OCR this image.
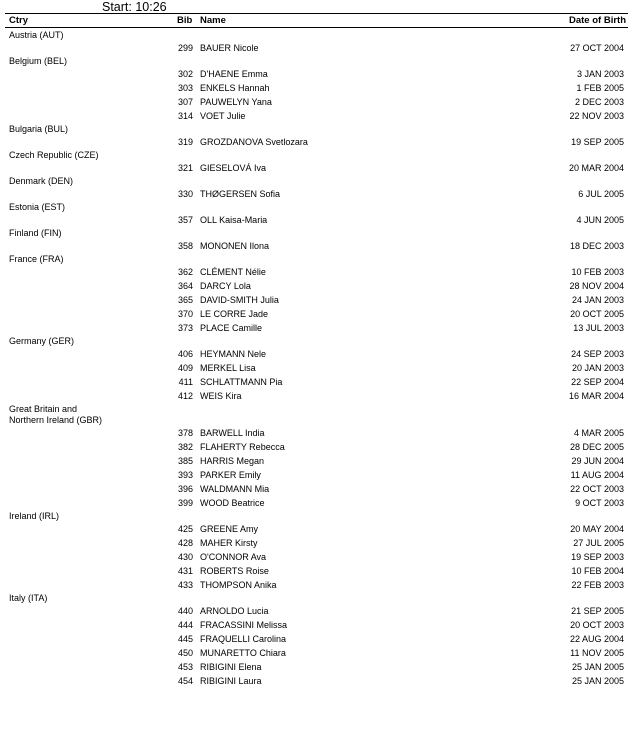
Start: 10:26
Ctry	Bib Name	Date of Birth
Austria (AUT)
299 BAUER Nicole	27 OCT 2004
Belgium (BEL)
302 D'HAENE Emma	3 JAN 2003
303 ENKELS Hannah	1 FEB 2005
307 PAUWELYN Yana	2 DEC 2003
314 VOET Julie	22 NOV 2003
Bulgaria (BUL)
319 GROZDANOVA Svetlozara	19 SEP 2005
Czech Republic (CZE)
321 GIESELOVÁ Iva	20 MAR 2004
Denmark (DEN)
330 THØGERSEN Sofia	6 JUL 2005
Estonia (EST)
357 OLL Kaisa-Maria	4 JUN 2005
Finland (FIN)
358 MONONEN Ilona	18 DEC 2003
France (FRA)
362 CLÉMENT Nélie	10 FEB 2003
364 DARCY Lola	28 NOV 2004
365 DAVID-SMITH Julia	24 JAN 2003
370 LE CORRE Jade	20 OCT 2005
373 PLACE Camille	13 JUL 2003
Germany (GER)
406 HEYMANN Nele	24 SEP 2003
409 MERKEL Lisa	20 JAN 2003
411 SCHLATTMANN Pia	22 SEP 2004
412 WEIS Kira	16 MAR 2004
Great Britain and Northern Ireland (GBR)
378 BARWELL India	4 MAR 2005
382 FLAHERTY Rebecca	28 DEC 2005
385 HARRIS Megan	29 JUN 2004
393 PARKER Emily	11 AUG 2004
396 WALDMANN Mia	22 OCT 2003
399 WOOD Beatrice	9 OCT 2003
Ireland (IRL)
425 GREENE Amy	20 MAY 2004
428 MAHER Kirsty	27 JUL 2005
430 O'CONNOR Ava	19 SEP 2003
431 ROBERTS Roise	10 FEB 2004
433 THOMPSON Anika	22 FEB 2003
Italy (ITA)
440 ARNOLDO Lucia	21 SEP 2005
444 FRACASSINI Melissa	20 OCT 2003
445 FRAQUELLI Carolina	22 AUG 2004
450 MUNARETTO Chiara	11 NOV 2005
453 RIBIGINI Elena	25 JAN 2005
454 RIBIGINI Laura	25 JAN 2005
